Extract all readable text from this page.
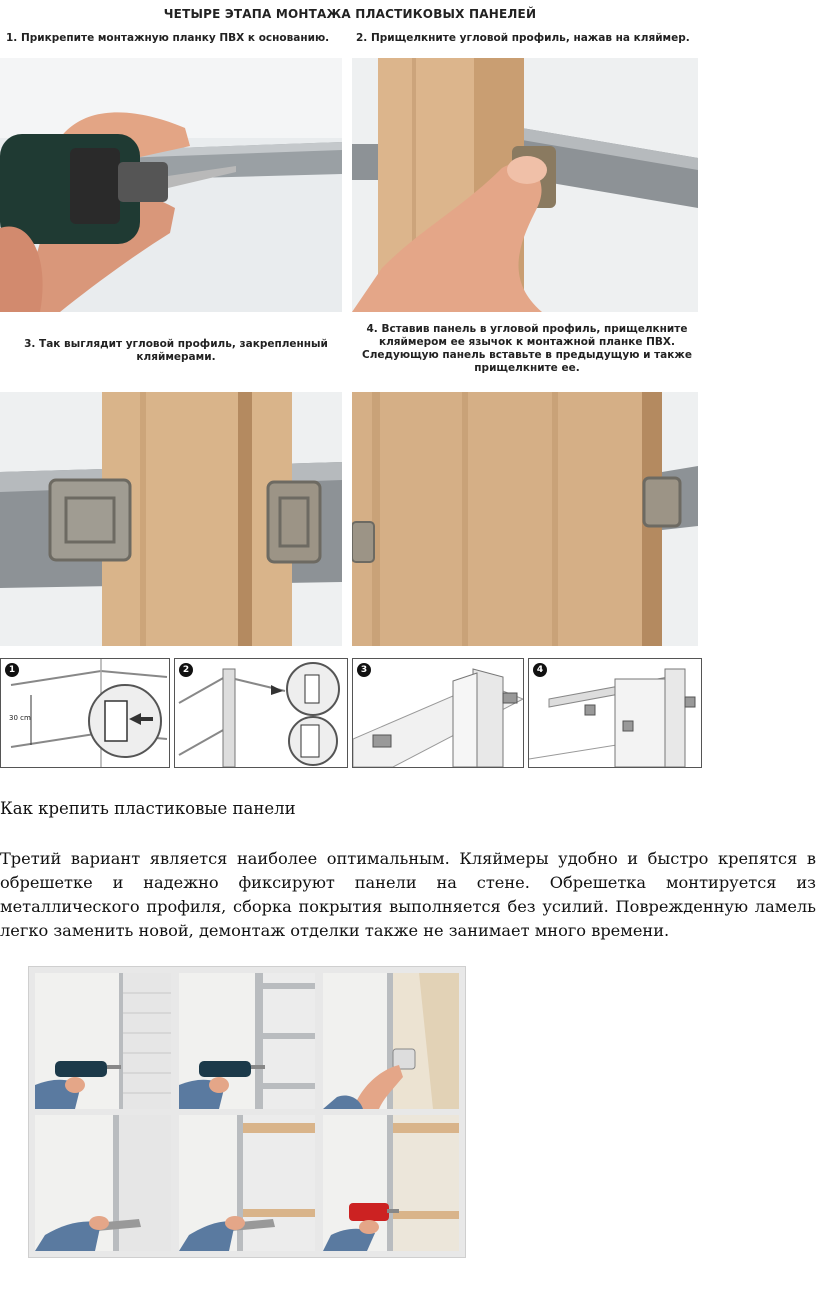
ЧЕТЫРЕ ЭТАПА МОНТАЖА ПЛАСТИКОВЫХ ПАНЕЛЕЙ
1. Прикрепите монтажную планку ПВХ к основанию.	2. Прищелкните угловой профиль, нажав на кляймер.
3. Так выглядит угловой профиль, закрепленный
кляймерами.
4. Вставив панель в угловой профиль, прищелкните
кляймером ее язычок к монтажной планке ПВХ.
Следующую панель вставьте в предыдущую и также
прищелкните ее.
1
30 cm
2	3	4
Как крепить пластиковые панели
Третий вариант является наиболее оптимальным. Кляймеры удобно и быстро крепятся в обрешетке и надежно фиксируют панели на стене. Обрешетка монтируется из металлического профиля, сборка покрытия выполняется без усилий. Поврежденную ламель легко заменить новой, демонтаж отделки также не занимает много времени.
